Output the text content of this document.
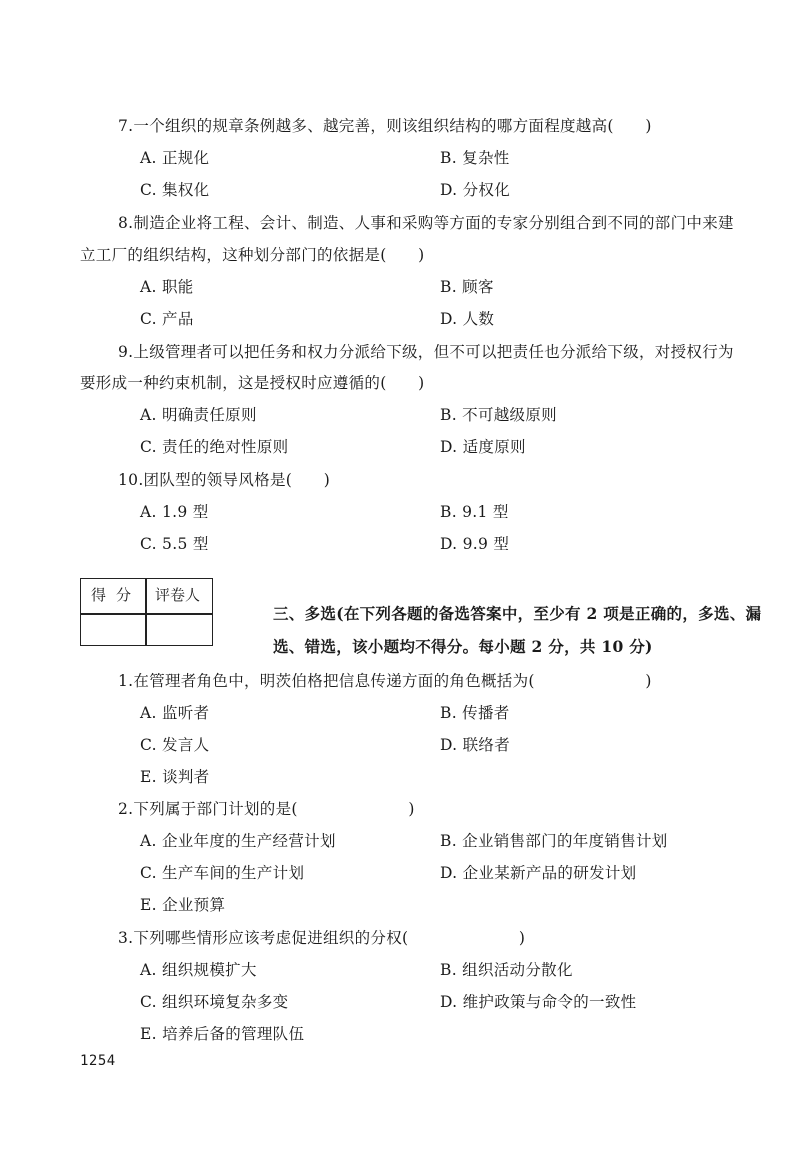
7.一个组织的规章条例越多、越完善，则该组织结构的哪方面程度越高(　　)
A. 正规化	B. 复杂性
C. 集权化	D. 分权化
8.制造企业将工程、会计、制造、人事和采购等方面的专家分别组合到不同的部门中来建
立工厂的组织结构，这种划分部门的依据是(　　)
A. 职能	B. 顾客
C. 产品	D. 人数
9.上级管理者可以把任务和权力分派给下级，但不可以把责任也分派给下级，对授权行为
要形成一种约束机制，这是授权时应遵循的(　　)
A. 明确责任原则	B. 不可越级原则
C. 责任的绝对性原则	D. 适度原则
10.团队型的领导风格是(　　)
A. 1.9 型	B. 9.1 型
C. 5.5 型	D. 9.9 型
得分 评卷人
三、多选(在下列各题的备选答案中，至少有 2 项是正确的，多选、漏
选、错选，该小题均不得分。每小题 2 分，共 10 分)
1.在管理者角色中，明茨伯格把信息传递方面的角色概括为(　　　　　　　)
A. 监听者	B. 传播者
C. 发言人	D. 联络者
E. 谈判者
2.下列属于部门计划的是(　　　　　　　)
A. 企业年度的生产经营计划	B. 企业销售部门的年度销售计划
C. 生产车间的生产计划	D. 企业某新产品的研发计划
E. 企业预算
3.下列哪些情形应该考虑促进组织的分权(　　　　　　　)
A. 组织规模扩大	B. 组织活动分散化
C. 组织环境复杂多变	D. 维护政策与命令的一致性
E. 培养后备的管理队伍
1254
